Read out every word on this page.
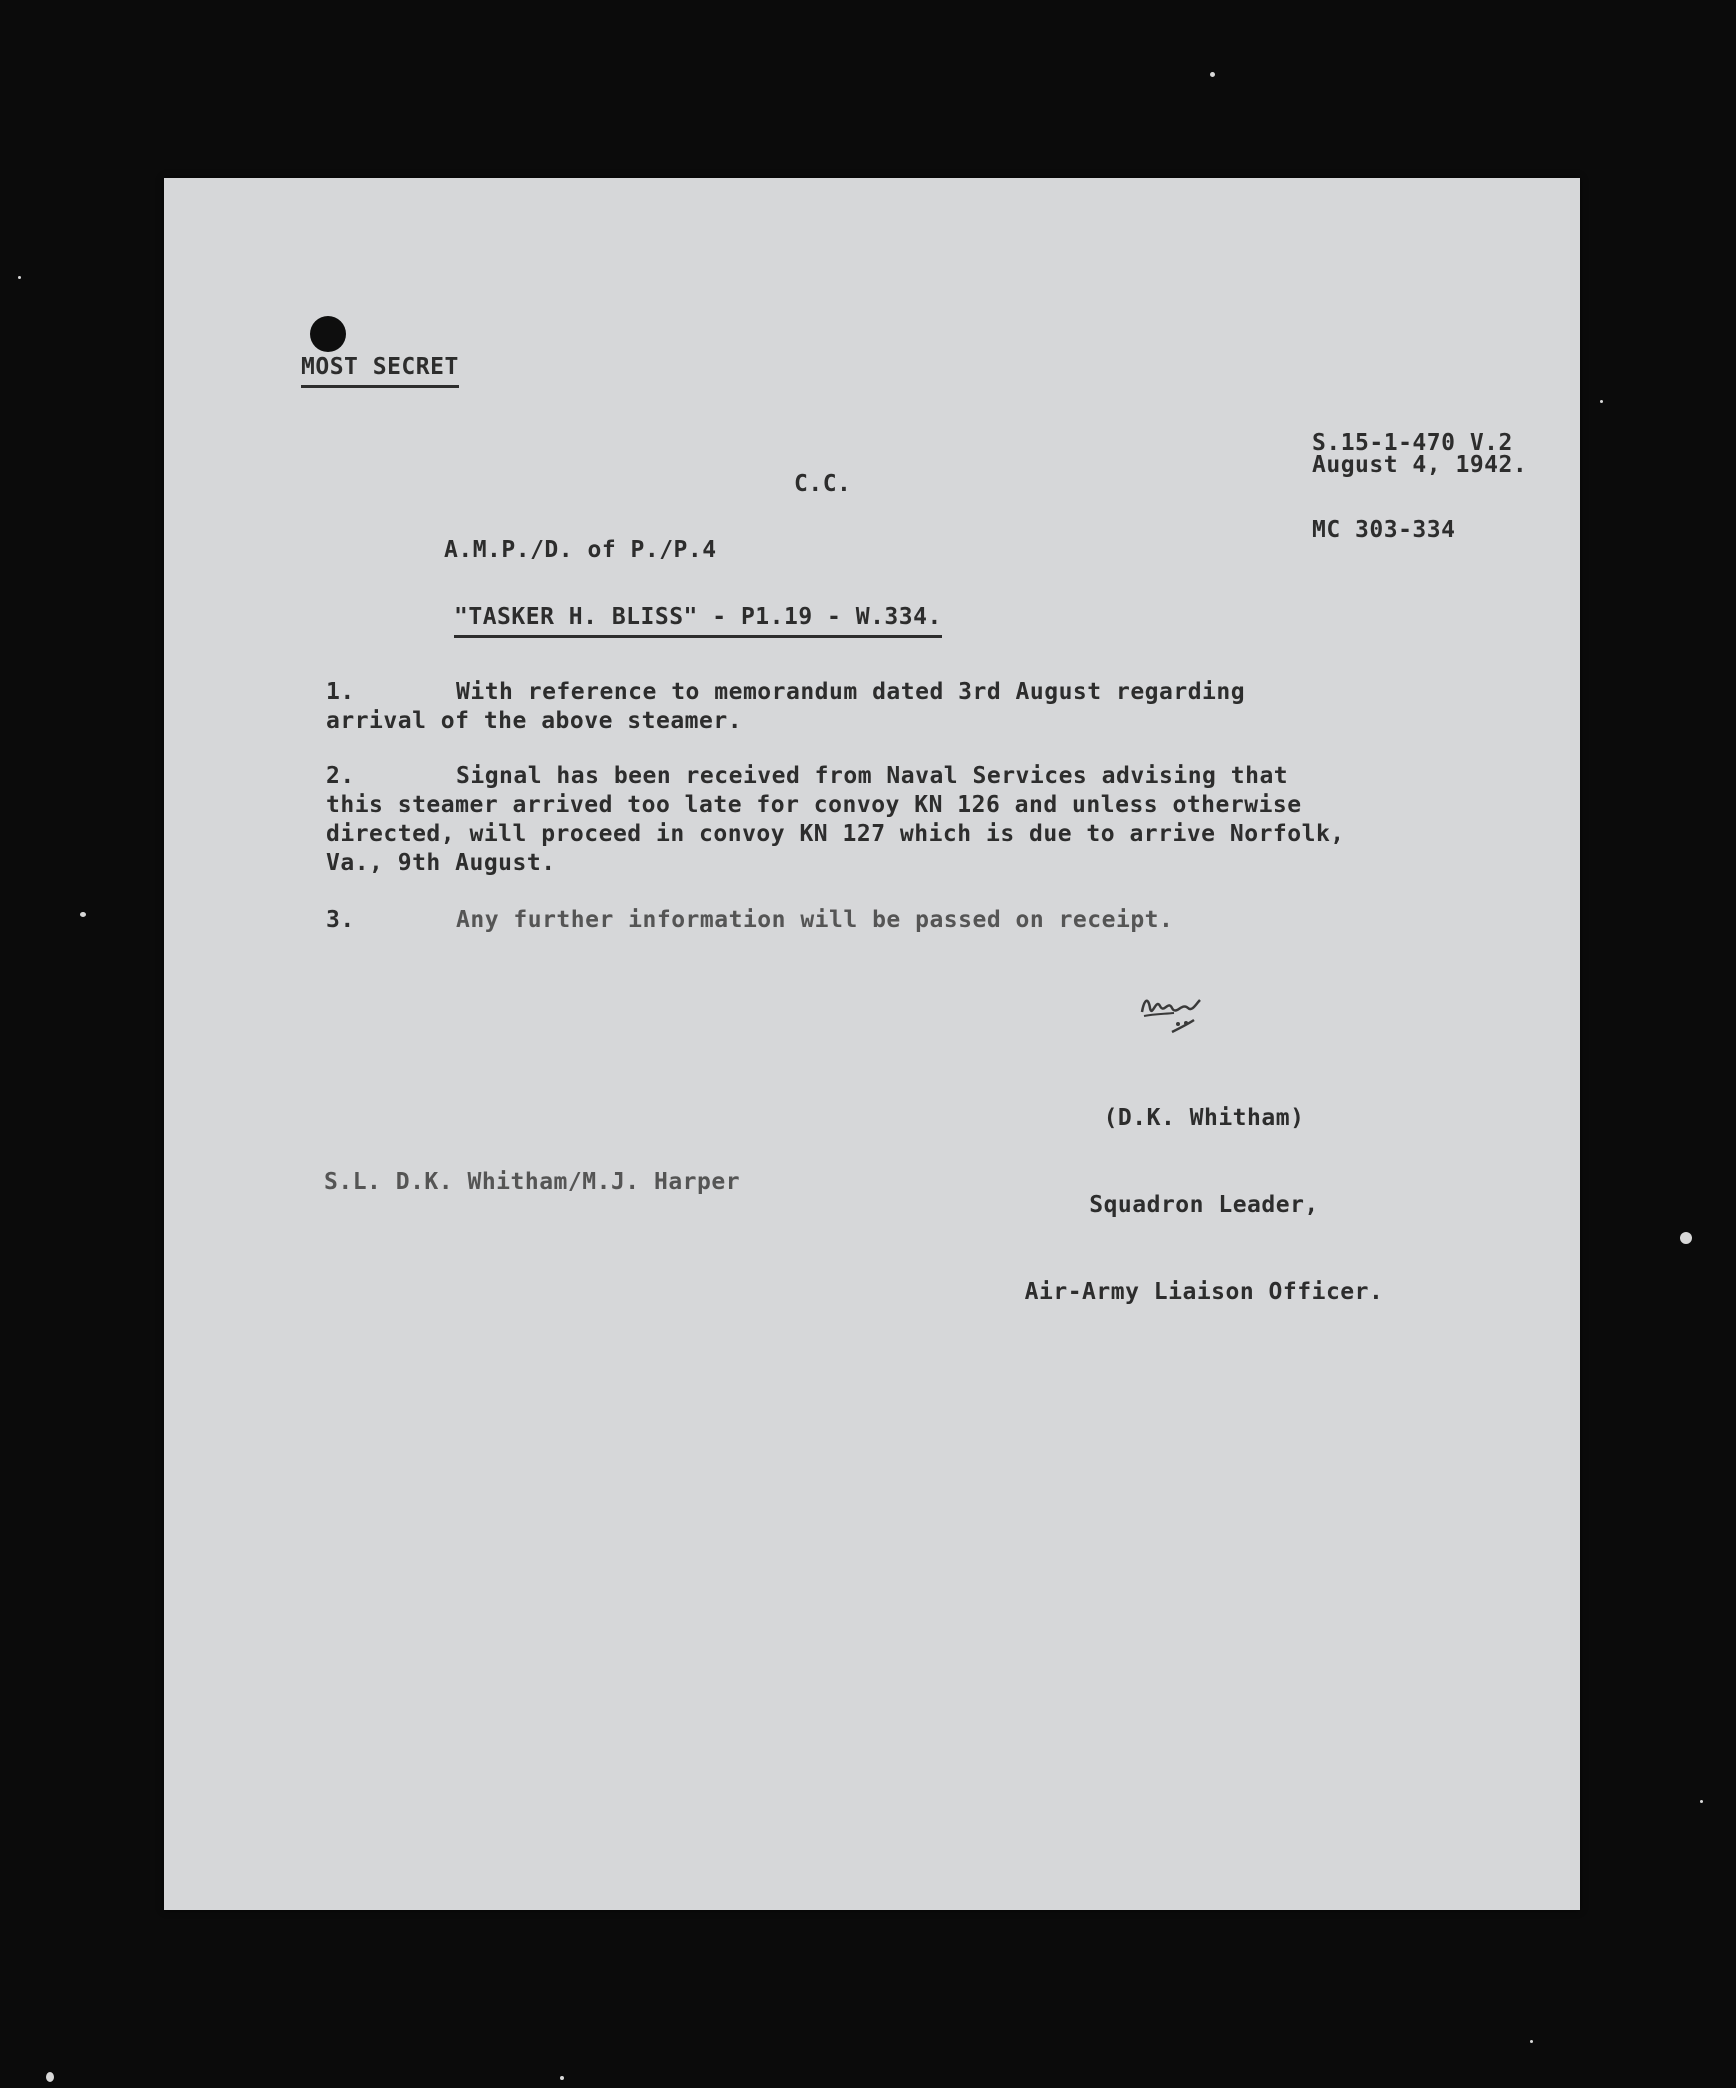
MOST SECRET

S.15-1-470 V.2

MC 303-334

August 4, 1942.
C.C.
A.M.P./D. of P./P.4
"TASKER H. BLISS" - P1.19 - W.334.

1.

	With reference to memorandum dated 3rd August regarding
arrival of the above steamer.

2.

	Signal has been received from Naval Services advising that
this steamer arrived too late for convoy KN 126 and unless otherwise
directed, will proceed in convoy KN 127 which is due to arrive Norfolk,
Va., 9th August.

3.

	Any further information will be passed on receipt.

(D.K. Whitham)

Squadron Leader,

Air-Army Liaison Officer.

S.L. D.K. Whitham/M.J. Harper
